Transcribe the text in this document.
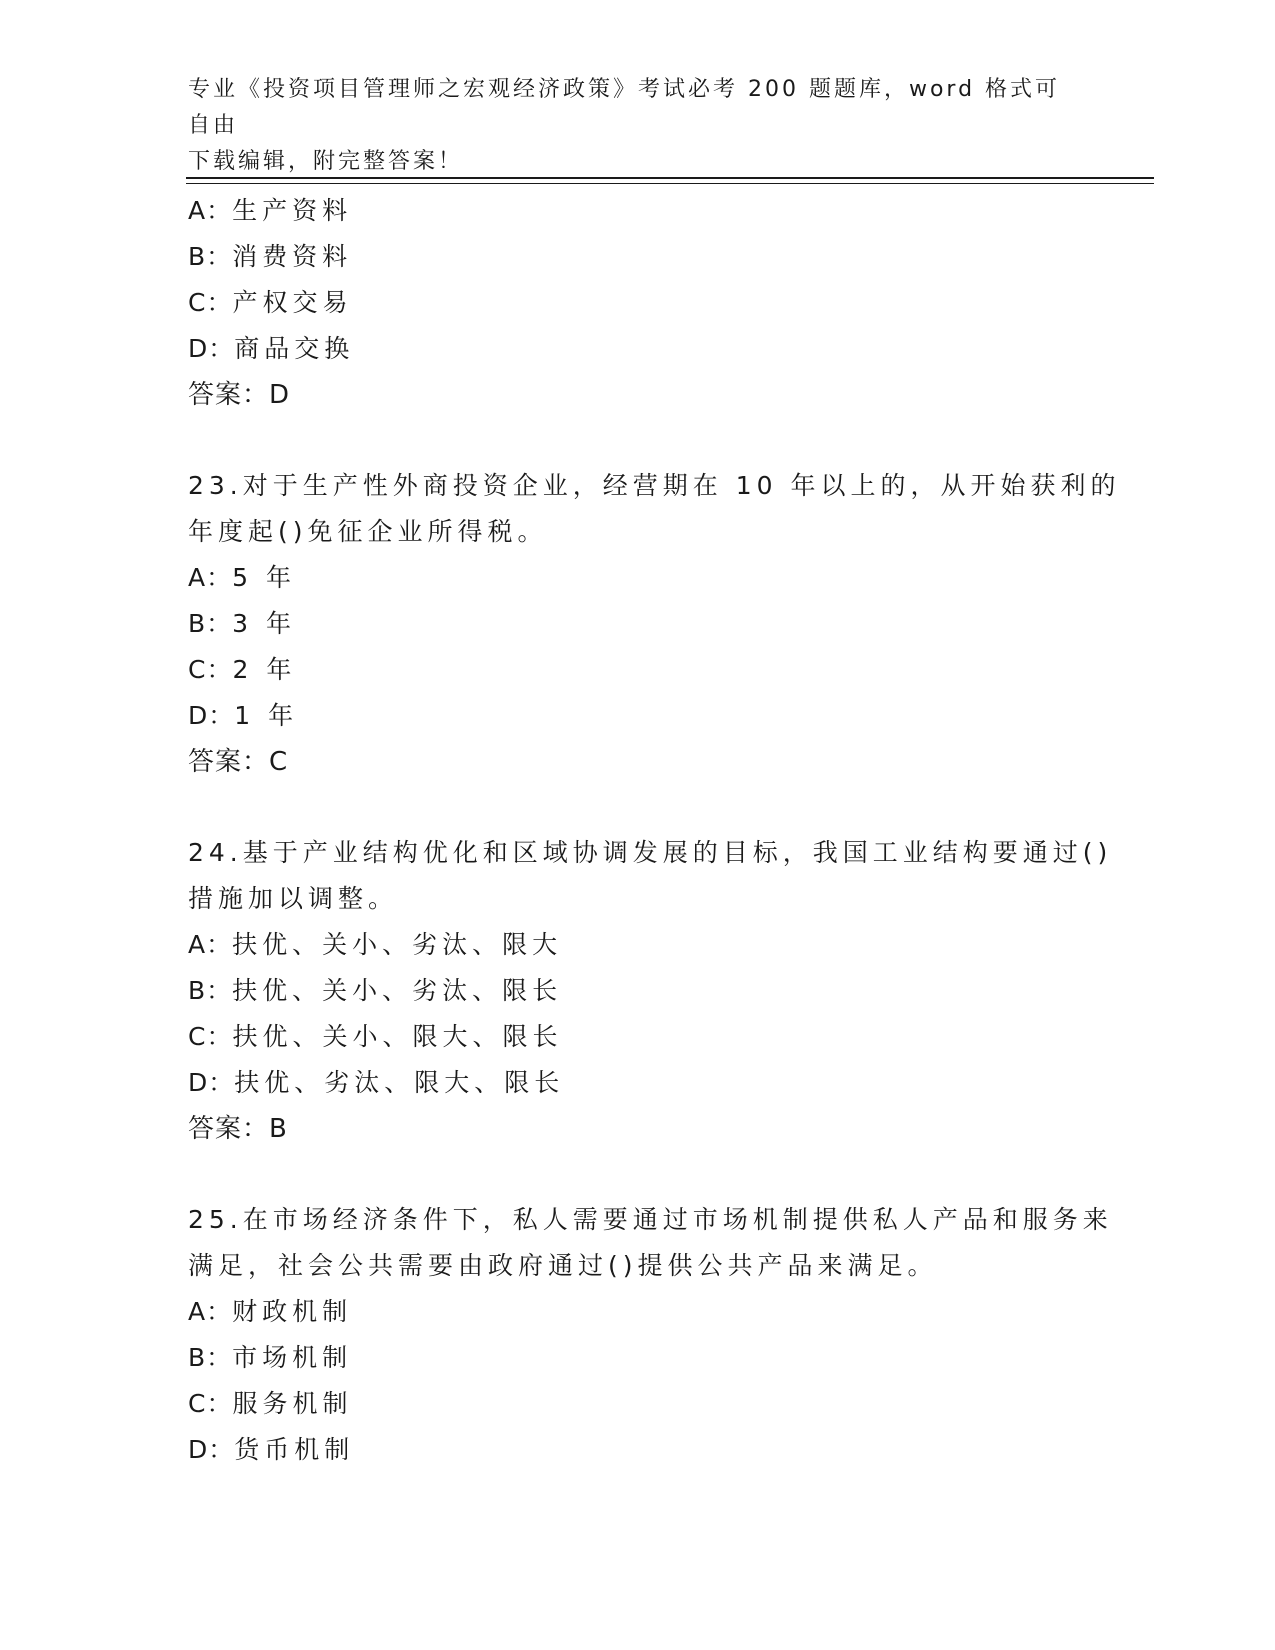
专业《投资项目管理师之宏观经济政策》考试必考 200 题题库，word 格式可自由
下载编辑，附完整答案！
A：生产资料
B：消费资料
C：产权交易
D：商品交换
答案：D
23.对于生产性外商投资企业，经营期在 10 年以上的，从开始获利的
年度起()免征企业所得税。
A：5 年
B：3 年
C：2 年
D：1 年
答案：C
24.基于产业结构优化和区域协调发展的目标，我国工业结构要通过()
措施加以调整。
A：扶优、关小、劣汰、限大
B：扶优、关小、劣汰、限长
C：扶优、关小、限大、限长
D：扶优、劣汰、限大、限长
答案：B
25.在市场经济条件下，私人需要通过市场机制提供私人产品和服务来
满足，社会公共需要由政府通过()提供公共产品来满足。
A：财政机制
B：市场机制
C：服务机制
D：货币机制
